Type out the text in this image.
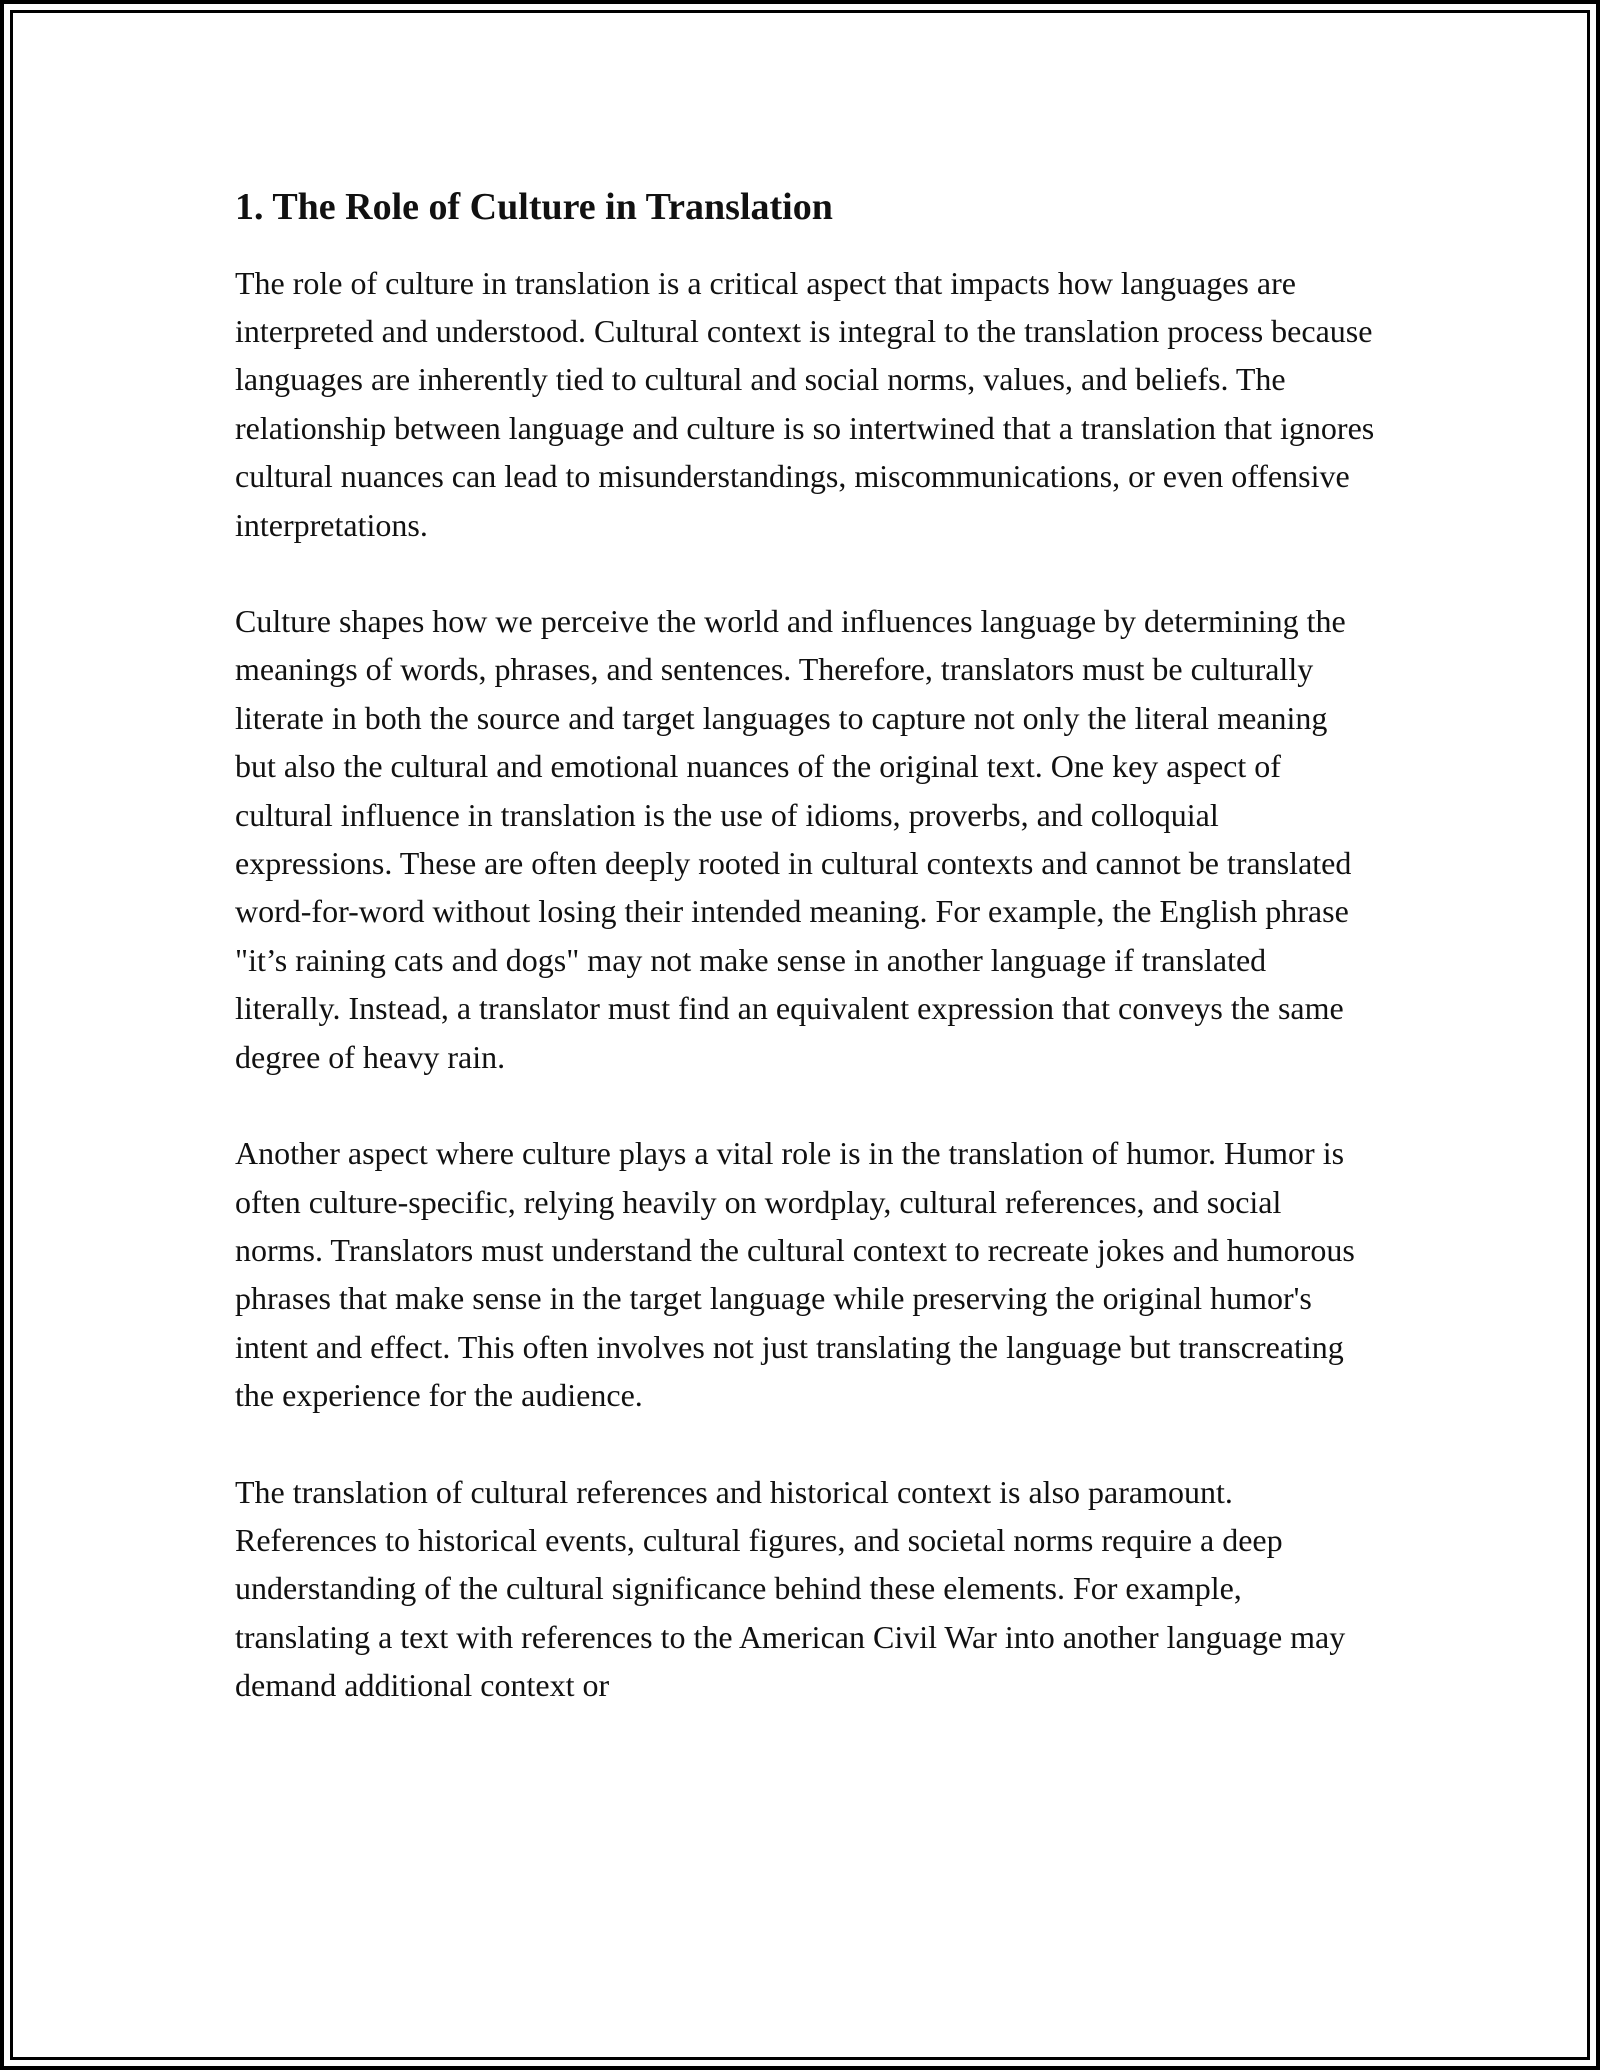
1. The Role of Culture in Translation

The role of culture in translation is a critical aspect that impacts how languages are interpreted and understood. Cultural context is integral to the translation process because languages are inherently tied to cultural and social norms, values, and beliefs. The relationship between language and culture is so intertwined that a translation that ignores cultural nuances can lead to misunderstandings, miscommunications, or even offensive interpretations.

Culture shapes how we perceive the world and influences language by determining the meanings of words, phrases, and sentences. Therefore, translators must be culturally literate in both the source and target languages to capture not only the literal meaning but also the cultural and emotional nuances of the original text. One key aspect of cultural influence in translation is the use of idioms, proverbs, and colloquial expressions. These are often deeply rooted in cultural contexts and cannot be translated word-for-word without losing their intended meaning. For example, the English phrase "it’s raining cats and dogs" may not make sense in another language if translated literally. Instead, a translator must find an equivalent expression that conveys the same degree of heavy rain.

Another aspect where culture plays a vital role is in the translation of humor. Humor is often culture-specific, relying heavily on wordplay, cultural references, and social norms. Translators must understand the cultural context to recreate jokes and humorous phrases that make sense in the target language while preserving the original humor's intent and effect. This often involves not just translating the language but transcreating the experience for the audience.

The translation of cultural references and historical context is also paramount. References to historical events, cultural figures, and societal norms require a deep understanding of the cultural significance behind these elements. For example, translating a text with references to the American Civil War into another language may demand additional context or
